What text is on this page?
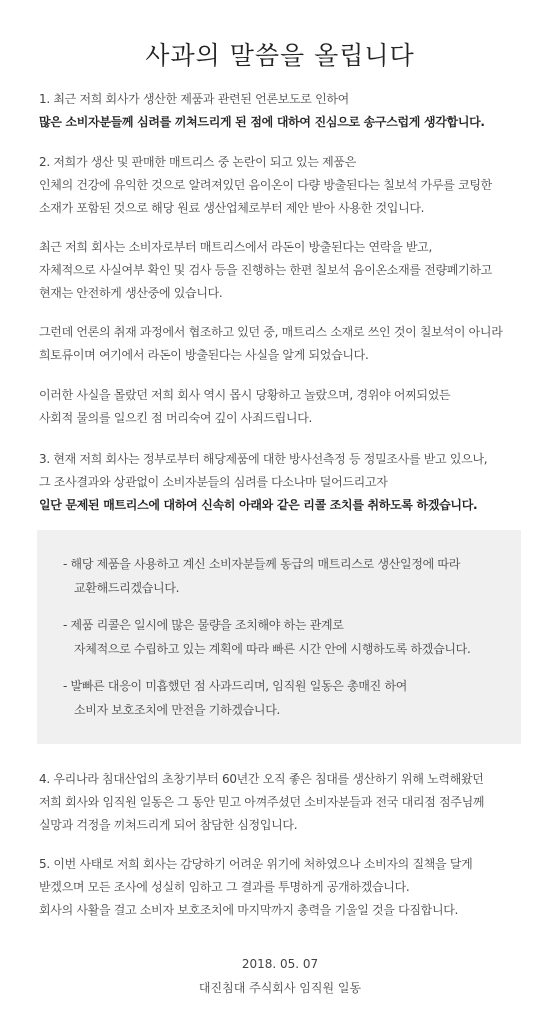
사과의 말씀을 올립니다
1. 최근 저희 회사가 생산한 제품과 관련된 언론보도로 인하여
많은 소비자분들께 심려를 끼쳐드리게 된 점에 대하여 진심으로 송구스럽게 생각합니다.
2. 저희가 생산 및 판매한 매트리스 중 논란이 되고 있는 제품은
인체의 건강에 유익한 것으로 알려져있던 음이온이 다량 방출된다는 칠보석 가루를 코팅한
소재가 포함된 것으로 해당 원료 생산업체로부터 제안 받아 사용한 것입니다.
최근 저희 회사는 소비자로부터 매트리스에서 라돈이 방출된다는 연락을 받고,
자체적으로 사실여부 확인 및 검사 등을 진행하는 한편 칠보석 음이온소재를 전량폐기하고
현재는 안전하게 생산중에 있습니다.
그런데 언론의 취재 과정에서 협조하고 있던 중, 매트리스 소재로 쓰인 것이 칠보석이 아니라
희토류이며 여기에서 라돈이 방출된다는 사실을 알게 되었습니다.
이러한 사실을 몰랐던 저희 회사 역시 몹시 당황하고 놀랐으며, 경위야 어찌되었든
사회적 물의를 일으킨 점 머리숙여 깊이 사죄드립니다.
3. 현재 저희 회사는 정부로부터 해당제품에 대한 방사선측정 등 정밀조사를 받고 있으나,
그 조사결과와 상관없이 소비자분들의 심려를 다소나마 덜어드리고자
일단 문제된 매트리스에 대하여 신속히 아래와 같은 리콜 조치를 취하도록 하겠습니다.
- 해당 제품을 사용하고 계신 소비자분들께 동급의 매트리스로 생산일정에 따라
교환해드리겠습니다.
- 제품 리콜은 일시에 많은 물량을 조치해야 하는 관계로
자체적으로 수립하고 있는 계획에 따라 빠른 시간 안에 시행하도록 하겠습니다.
- 발빠른 대응이 미흡했던 점 사과드리며, 임직원 일동은 총매진 하여
소비자 보호조치에 만전을 기하겠습니다.
4. 우리나라 침대산업의 초창기부터 60년간 오직 좋은 침대를 생산하기 위해 노력해왔던
저희 회사와 임직원 일동은 그 동안 믿고 아껴주셨던 소비자분들과 전국 대리점 점주님께
실망과 걱정을 끼쳐드리게 되어 참담한 심정입니다.
5. 이번 사태로 저희 회사는 감당하기 어려운 위기에 처하였으나 소비자의 질책을 달게
받겠으며 모든 조사에 성실히 임하고 그 결과를 투명하게 공개하겠습니다.
회사의 사활을 걸고 소비자 보호조치에 마지막까지 총력을 기울일 것을 다짐합니다.
2018. 05. 07
대진침대 주식회사 임직원 일동
